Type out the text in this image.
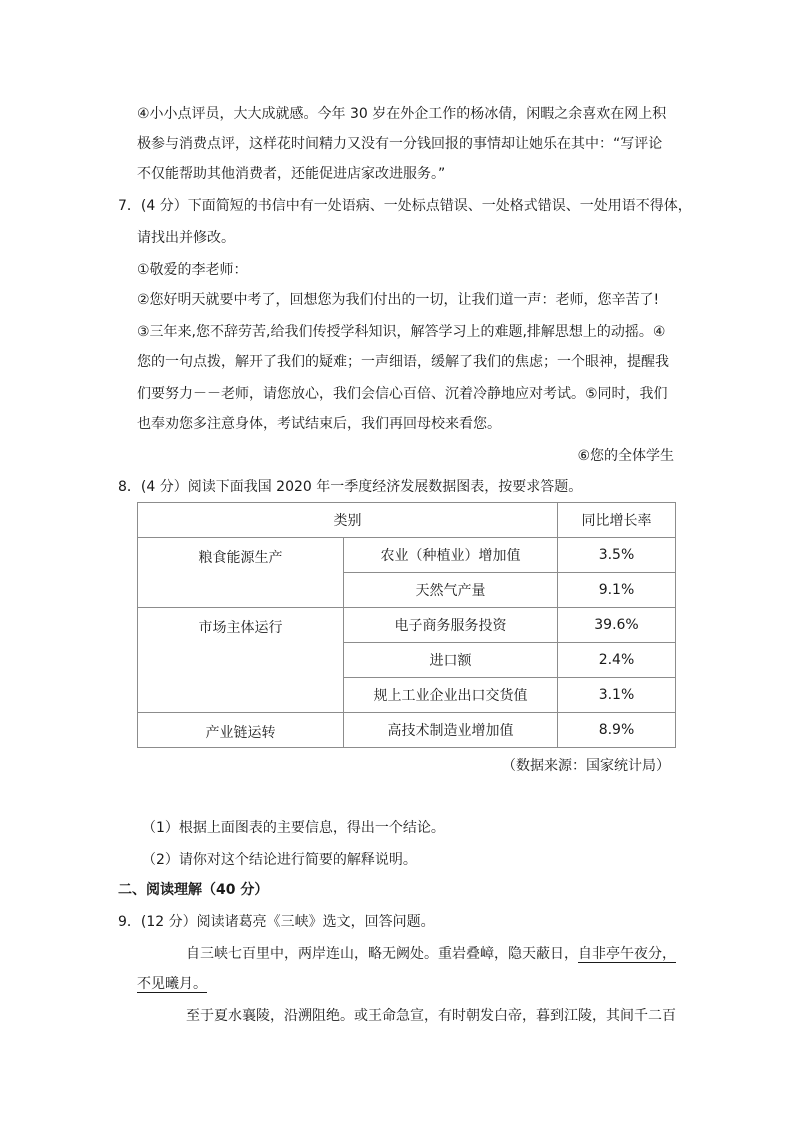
④小小点评员，大大成就感。今年 30 岁在外企工作的杨冰倩，闲暇之余喜欢在网上积
极参与消费点评，这样花时间精力又没有一分钱回报的事情却让她乐在其中：“写评论
不仅能帮助其他消费者，还能促进店家改进服务。”
7．(4 分）下面简短的书信中有一处语病、一处标点错误、一处格式错误、一处用语不得体，
请找出并修改。
①敬爱的李老师：
②您好明天就要中考了，回想您为我们付出的一切，让我们道一声：老师，您辛苦了!
③三年来,您不辞劳苦,给我们传授学科知识，解答学习上的难题,排解思想上的动摇。④
您的一句点拨，解开了我们的疑难；一声细语，缓解了我们的焦虑；一个眼神，提醒我
们要努力－－老师，请您放心，我们会信心百倍、沉着冷静地应对考试。⑤同时，我们
也奉劝您多注意身体，考试结束后，我们再回母校来看您。
⑥您的全体学生
8．(4 分）阅读下面我国 2020 年一季度经济发展数据图表，按要求答题。
类别		同比增长率
粮食能源生产	农业（种植业）增加值	3.5%
	天然气产量	9.1%
市场主体运行	电子商务服务投资	39.6%
	进口额	2.4%
	规上工业企业出口交货值	3.1%
产业链运转	高技术制造业增加值	8.9%
（数据来源：国家统计局）
（1）根据上面图表的主要信息，得出一个结论。
（2）请你对这个结论进行简要的解释说明。
二、阅读理解（40 分）
9．(12 分）阅读诸葛亮《三峡》选文，回答问题。
自三峡七百里中，两岸连山，略无阙处。重岩叠嶂，隐天蔽日，自非亭午夜分，
不见曦月。
至于夏水襄陵，沿溯阻绝。或王命急宣，有时朝发白帝，暮到江陵，其间千二百
